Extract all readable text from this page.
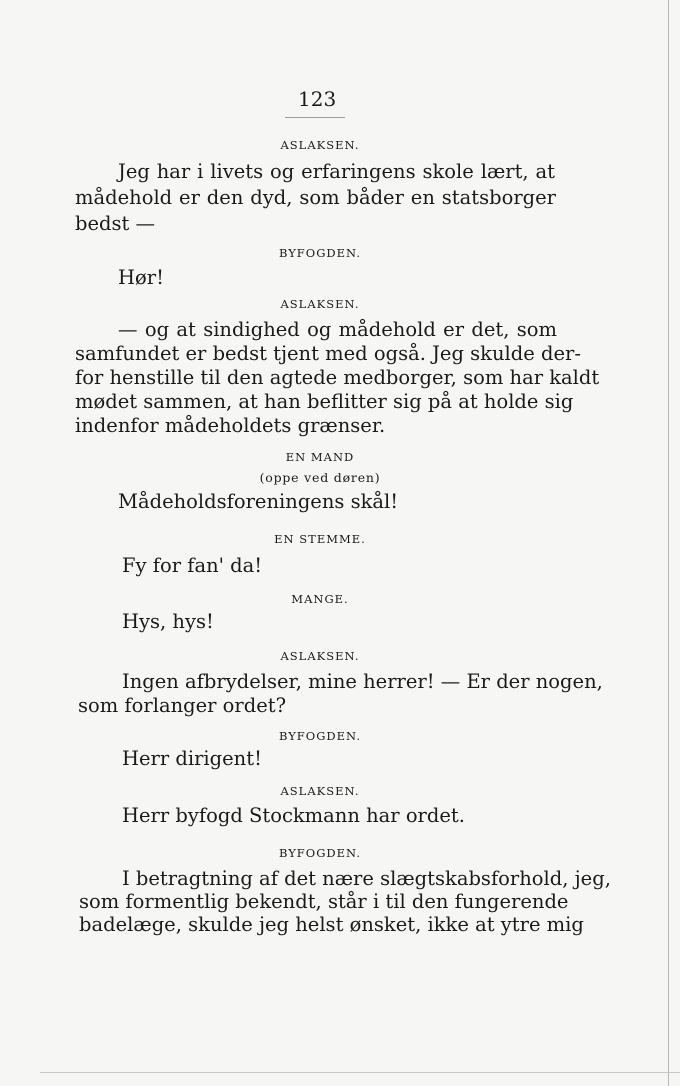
123
ASLAKSEN.
Jeg har i livets og erfaringens skole lært, at
mådehold er den dyd, som båder en statsborger
bedst —
BYFOGDEN.
Hør!
ASLAKSEN.
— og at sindighed og mådehold er det, som
samfundet er bedst tjent med også. Jeg skulde der-
for henstille til den agtede medborger, som har kaldt
mødet sammen, at han beflitter sig på at holde sig
indenfor mådeholdets grænser.
EN MAND
(oppe ved døren)
Mådeholdsforeningens skål!
EN STEMME.
Fy for fan' da!
MANGE.
Hys, hys!
ASLAKSEN.
Ingen afbrydelser, mine herrer! — Er der nogen,
som forlanger ordet?
BYFOGDEN.
Herr dirigent!
ASLAKSEN.
Herr byfogd Stockmann har ordet.
BYFOGDEN.
I betragtning af det nære slægtskabsforhold, jeg,
som formentlig bekendt, står i til den fungerende
badelæge, skulde jeg helst ønsket, ikke at ytre mig
